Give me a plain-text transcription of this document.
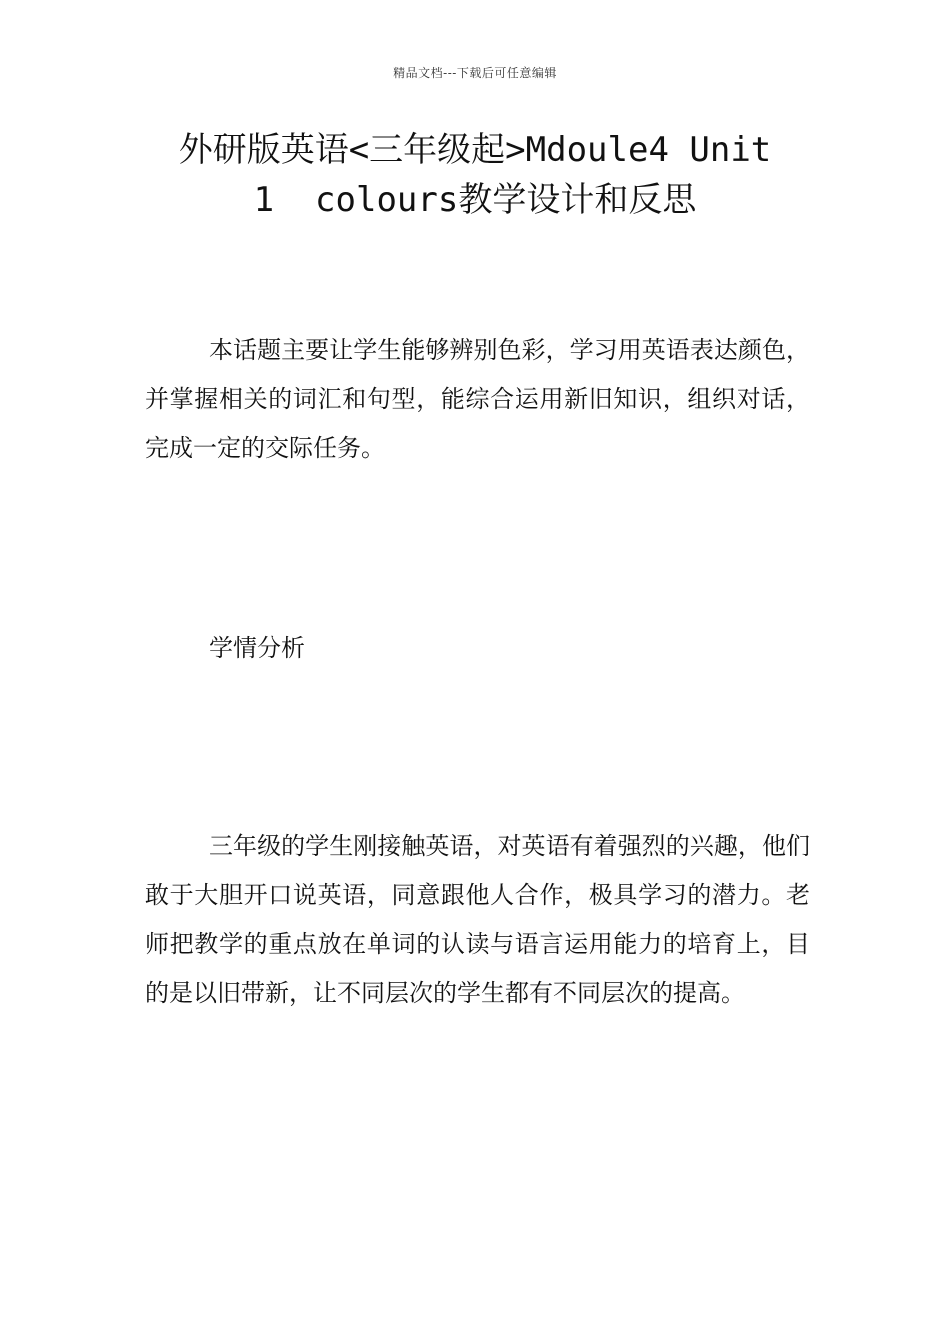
精品文档---下载后可任意编辑
外研版英语<三年级起>Mdoule4 Unit
1  colours教学设计和反思

本话题主要让学生能够辨别色彩，学习用英语表达颜色，并掌握相关的词汇和句型，能综合运用新旧知识，组织对话，完成一定的交际任务。

学情分析

三年级的学生刚接触英语，对英语有着强烈的兴趣，他们敢于大胆开口说英语，同意跟他人合作，极具学习的潜力。老师把教学的重点放在单词的认读与语言运用能力的培育上，目的是以旧带新，让不同层次的学生都有不同层次的提高。
